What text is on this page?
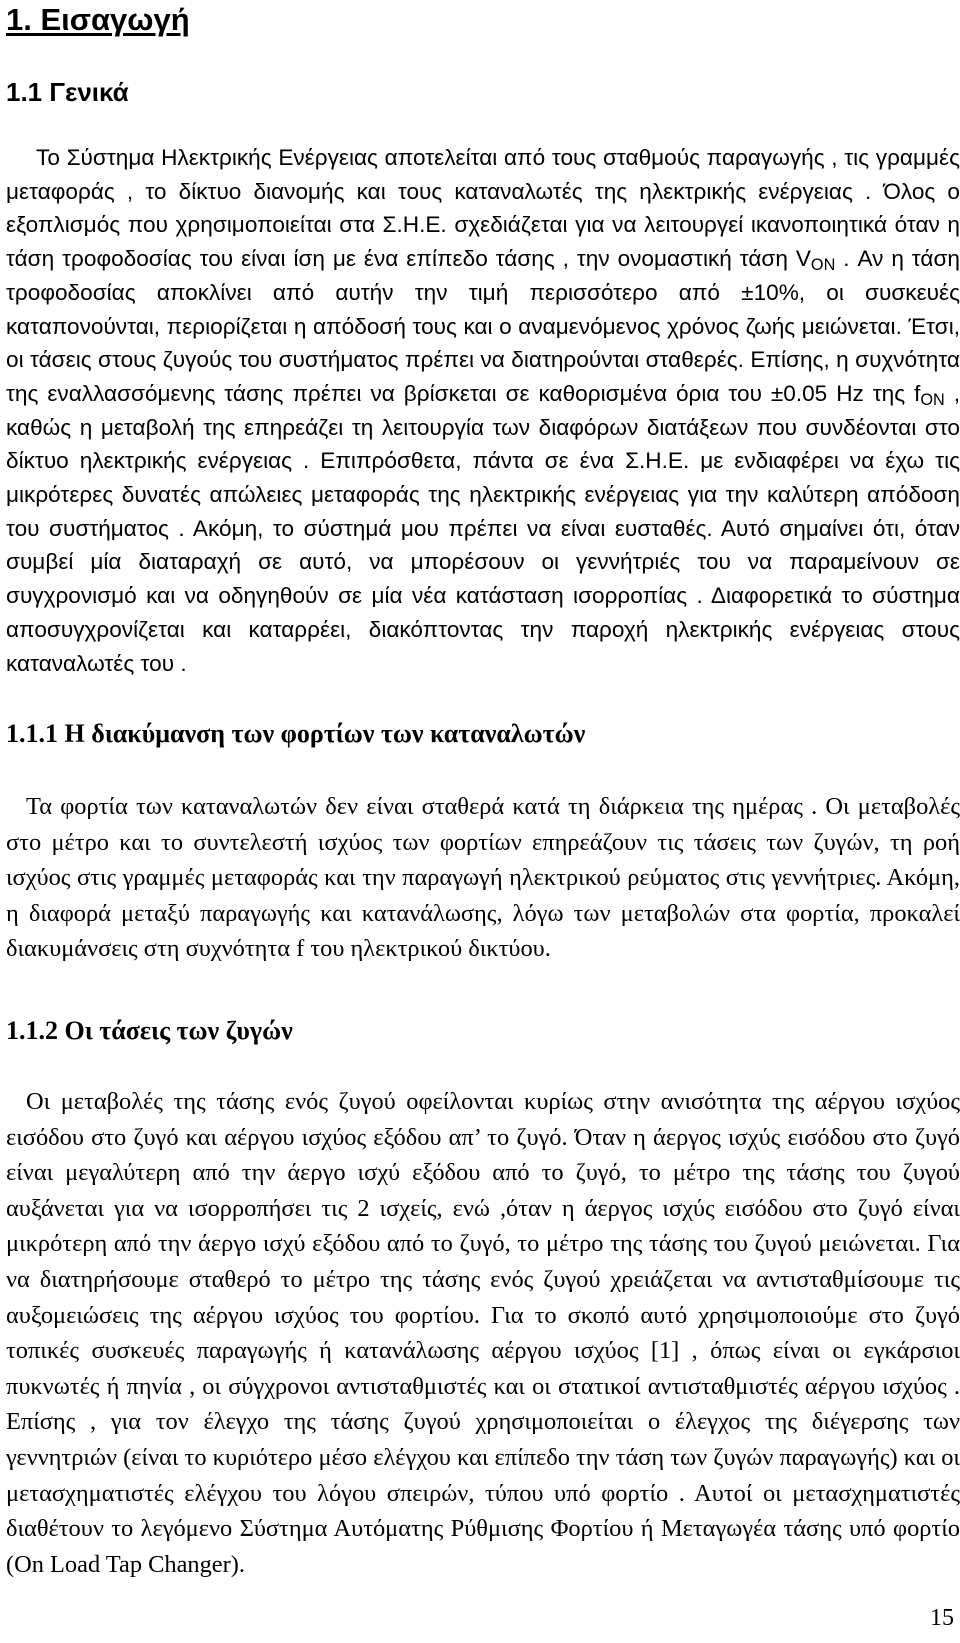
1. Εισαγωγή
1.1 Γενικά

Το Σύστημα Ηλεκτρικής Ενέργειας αποτελείται από τους σταθμούς παραγωγής , τις γραμμές μεταφοράς , το δίκτυο διανομής και τους καταναλωτές της ηλεκτρικής ενέργειας . Όλος ο εξοπλισμός που χρησιμοποιείται στα Σ.Η.Ε. σχεδιάζεται για να λειτουργεί ικανοποιητικά όταν η τάση τροφοδοσίας του είναι ίση με ένα επίπεδο τάσης , την ονομαστική τάση $V_{ON}$ . Αν η τάση τροφοδοσίας αποκλίνει από αυτήν την τιμή περισσότερο από ±10%, οι συσκευές καταπονούνται, περιορίζεται η απόδοσή τους και ο αναμενόμενος χρόνος ζωής μειώνεται. Έτσι, οι τάσεις στους ζυγούς του συστήματος πρέπει να διατηρούνται σταθερές. Επίσης, η συχνότητα της εναλλασσόμενης τάσης πρέπει να βρίσκεται σε καθορισμένα όρια του ±0.05 Hz της $f_{ON}$ , καθώς η μεταβολή της επηρεάζει τη λειτουργία των διαφόρων διατάξεων που συνδέονται στο δίκτυο ηλεκτρικής ενέργειας . Επιπρόσθετα, πάντα σε ένα Σ.Η.Ε. με ενδιαφέρει να έχω τις μικρότερες δυνατές απώλειες μεταφοράς της ηλεκτρικής ενέργειας για την καλύτερη απόδοση του συστήματος . Ακόμη, το σύστημά μου πρέπει να είναι ευσταθές. Αυτό σημαίνει ότι, όταν συμβεί μία διαταραχή σε αυτό, να μπορέσουν οι γεννήτριές του να παραμείνουν σε συγχρονισμό και να οδηγηθούν σε μία νέα κατάσταση ισορροπίας . Διαφορετικά το σύστημα αποσυγχρονίζεται και καταρρέει, διακόπτοντας την παροχή ηλεκτρικής ενέργειας στους καταναλωτές του .

1.1.1 Η διακύμανση των φορτίων των καταναλωτών

Τα φορτία των καταναλωτών δεν είναι σταθερά κατά τη διάρκεια της ημέρας . Οι μεταβολές στο μέτρο και το συντελεστή ισχύος των φορτίων επηρεάζουν τις τάσεις των ζυγών, τη ροή ισχύος στις γραμμές μεταφοράς και την παραγωγή ηλεκτρικού ρεύματος στις γεννήτριες. Ακόμη, η διαφορά μεταξύ παραγωγής και κατανάλωσης, λόγω των μεταβολών στα φορτία, προκαλεί διακυμάνσεις στη συχνότητα f του ηλεκτρικού δικτύου.

1.1.2 Οι τάσεις των ζυγών

Οι μεταβολές της τάσης ενός ζυγού οφείλονται κυρίως στην ανισότητα της αέργου ισχύος εισόδου στο ζυγό και αέργου ισχύος εξόδου απ’ το ζυγό. Όταν η άεργος ισχύς εισόδου στο ζυγό είναι μεγαλύτερη από την άεργο ισχύ εξόδου από το ζυγό, το μέτρο της τάσης του ζυγού αυξάνεται για να ισορροπήσει τις 2 ισχείς, ενώ ,όταν η άεργος ισχύς εισόδου στο ζυγό είναι μικρότερη από την άεργο ισχύ εξόδου από το ζυγό, το μέτρο της τάσης του ζυγού μειώνεται. Για να διατηρήσουμε σταθερό το μέτρο της τάσης ενός ζυγού χρειάζεται να αντισταθμίσουμε τις αυξομειώσεις της αέργου ισχύος του φορτίου. Για το σκοπό αυτό χρησιμοποιούμε στο ζυγό τοπικές συσκευές παραγωγής ή κατανάλωσης αέργου ισχύος [1] , όπως είναι οι εγκάρσιοι πυκνωτές ή πηνία , οι σύγχρονοι αντισταθμιστές και οι στατικοί αντισταθμιστές αέργου ισχύος . Επίσης , για τον έλεγχο της τάσης ζυγού χρησιμοποιείται ο έλεγχος της διέγερσης των γεννητριών (είναι το κυριότερο μέσο ελέγχου και επίπεδο την τάση των ζυγών παραγωγής) και οι μετασχηματιστές ελέγχου του λόγου σπειρών, τύπου υπό φορτίο . Αυτοί οι μετασχηματιστές διαθέτουν το λεγόμενο Σύστημα Αυτόματης Ρύθμισης Φορτίου ή Μεταγωγέα τάσης υπό φορτίο (On Load Tap Changer).

15
